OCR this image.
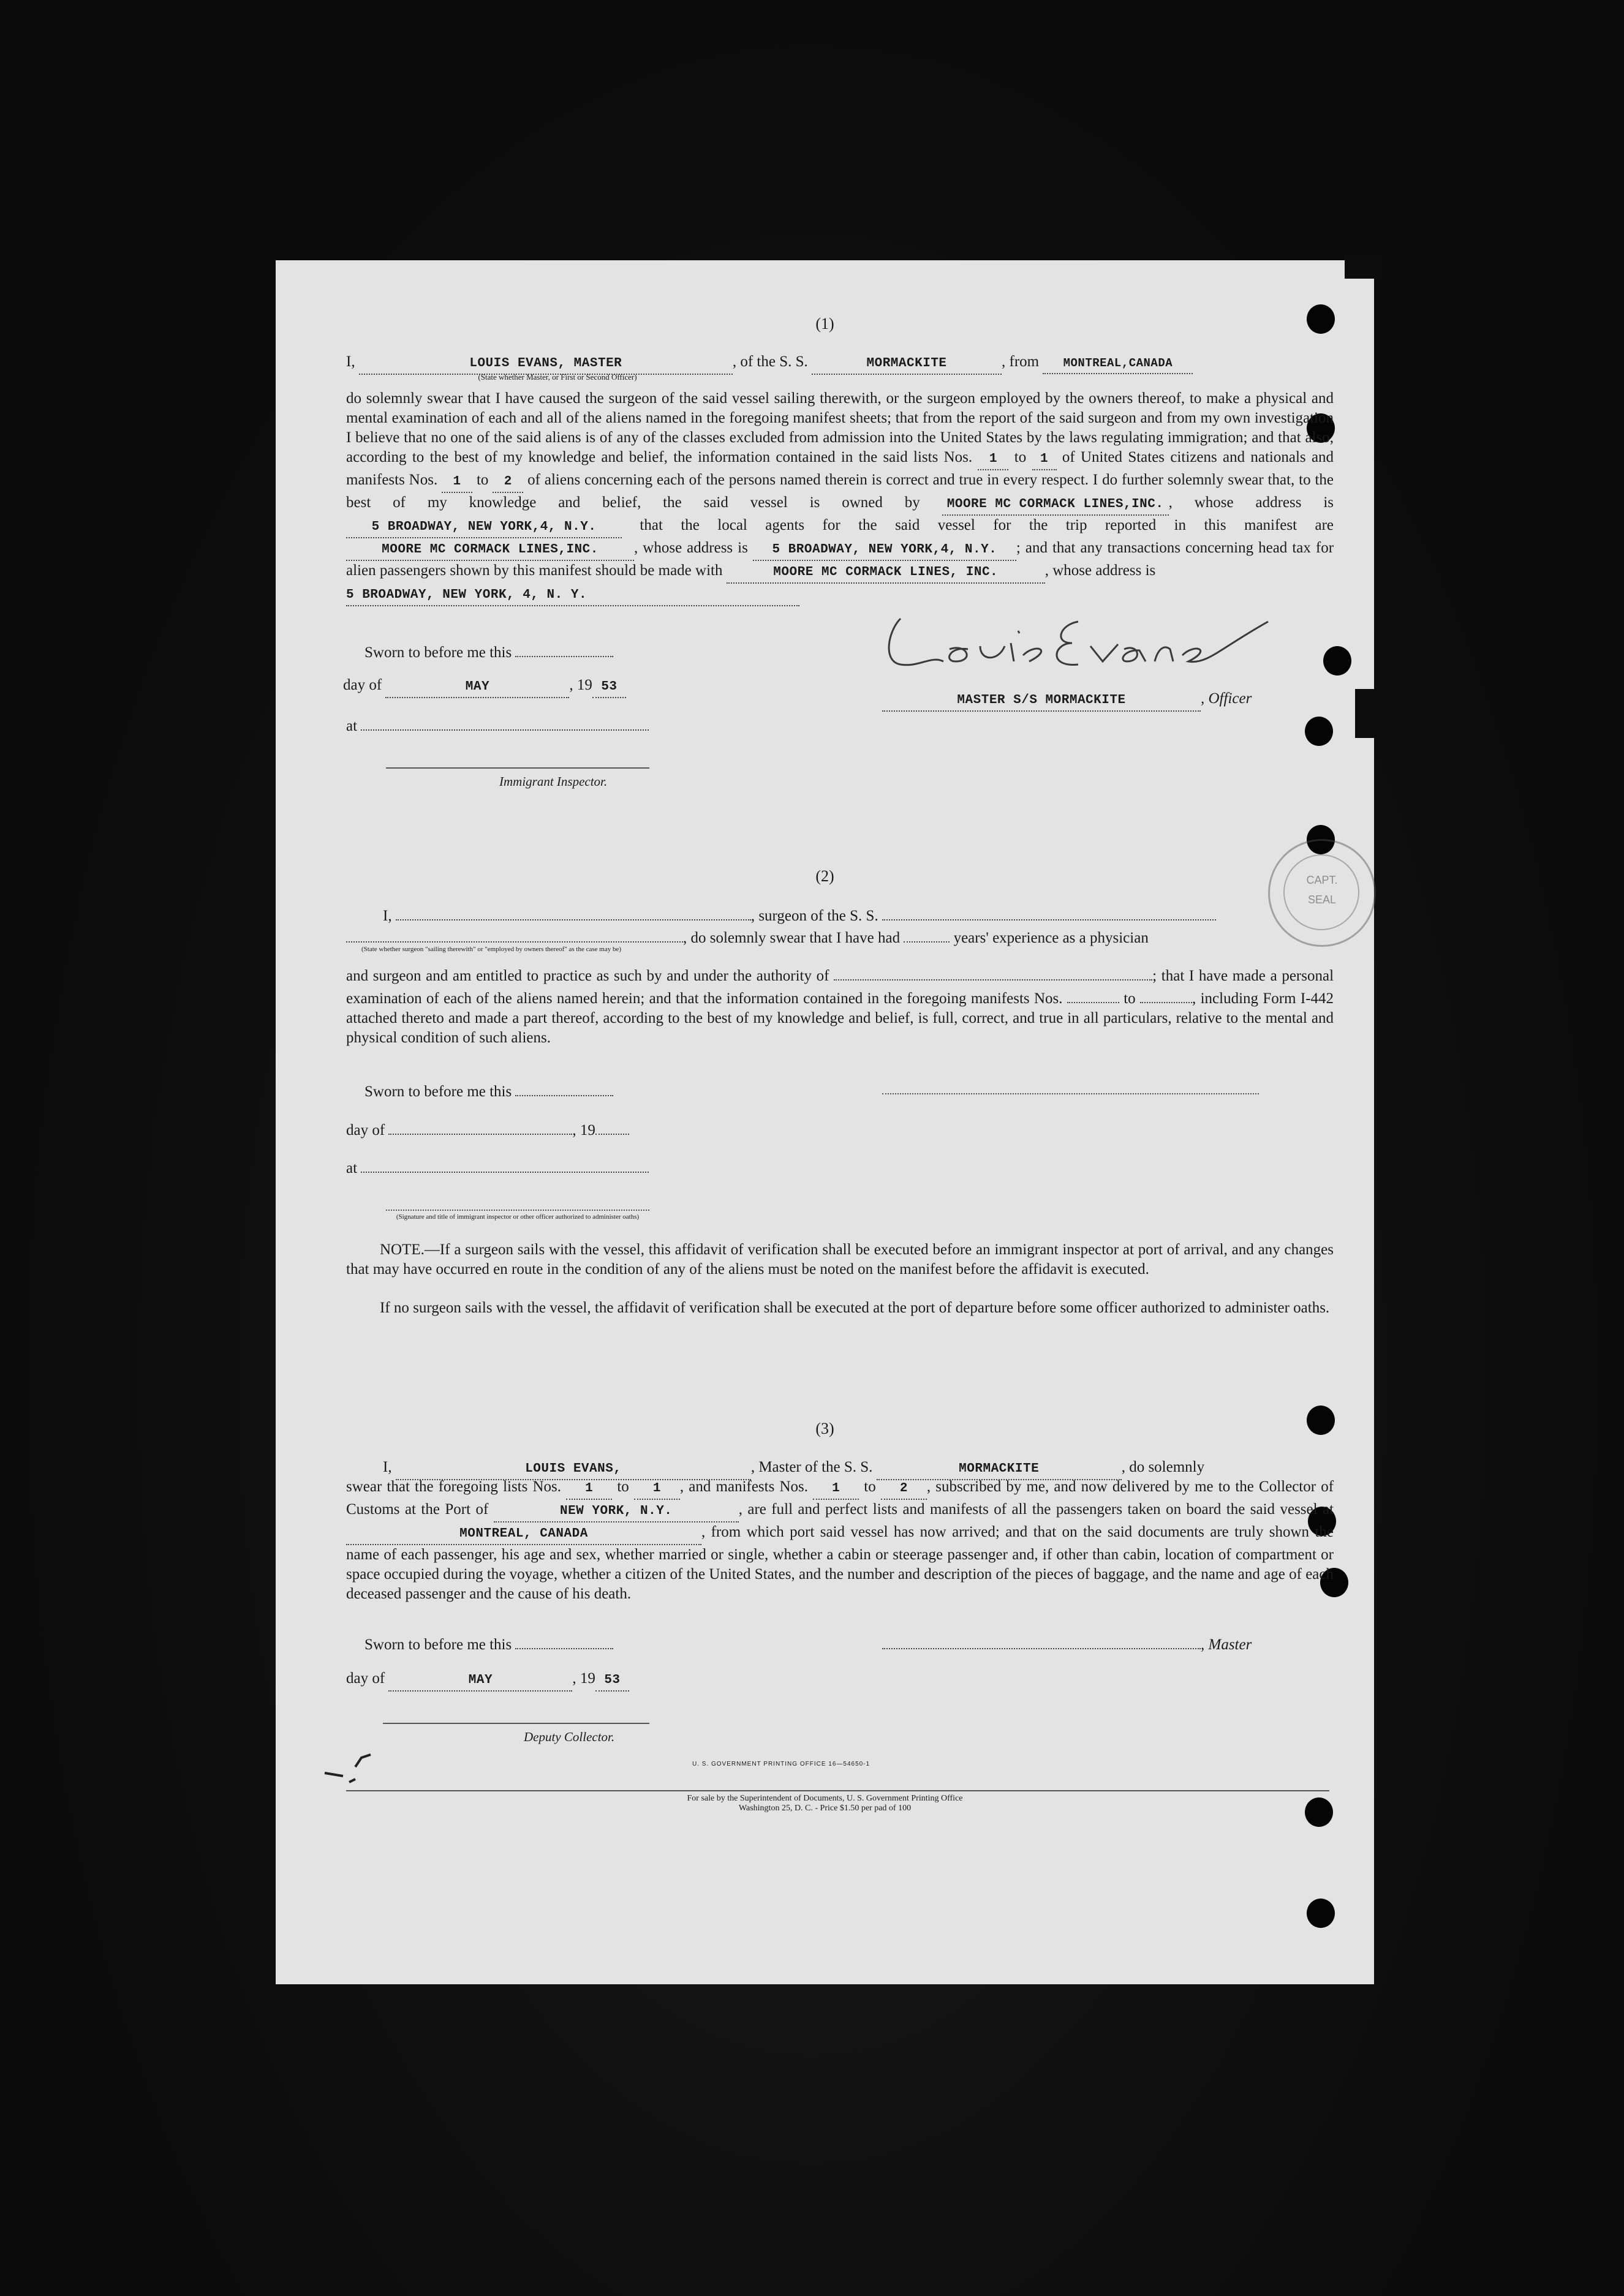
(1)
I,	LOUIS EVANS, MASTER	, of the S. S.	MORMACKITE	, from MONTREAL,CANADA
(State whether Master, or First or Second Officer)
do solemnly swear that I have caused the surgeon of the said vessel sailing therewith, or the surgeon employed by the owners thereof, to make a physical and mental examination of each and all of the aliens named in the foregoing manifest sheets; that from the report of the said surgeon and from my own investigation I believe that no one of the said aliens is of any of the classes excluded from admission into the United States by the laws regulating immigration; and that also, according to the best of my knowledge and belief, the information contained in the said lists Nos. 1 to 1 of United States citizens and nationals and manifests Nos. 1 to 2 of aliens concerning each of the persons named therein is correct and true in every respect. I do further solemnly swear that, to the best of my knowledge and belief, the said vessel is owned by MOORE MC CORMACK LINES,INC. , whose address is 5 BROADWAY, NEW YORK,4, N.Y.	that the local agents for the said vessel for the trip reported in this manifest are MOORE MC CORMACK LINES,INC. , whose address is 5 BROADWAY, NEW YORK,4, N.Y. ; and that any transactions concerning head tax for alien passengers shown by this manifest should be made with	MOORE MC CORMACK LINES, INC.	, whose address is
5 BROADWAY, NEW YORK, 4, N. Y.
Sworn to before me this
day of	MAY	, 19 53
at
Immigrant Inspector.
CAPT.
SEAL
MASTER S/S MORMACKITE	, Officer
(2)
I,	, surgeon of the S. S.
, do solemnly swear that I have had	years' experience as a physician
(State whether surgeon "sailing therewith" or "employed by owners thereof" as the case may be)
and surgeon and am entitled to practice as such by and under the authority of	; that I have made a personal examination of each of the aliens named herein; and that the information contained in the foregoing manifests Nos.	to	, including Form I-442 attached thereto and made a part thereof, according to the best of my knowledge and belief, is full, correct, and true in all particulars, relative to the mental and physical condition of such aliens.
Sworn to before me this
day of	, 19
at
(Signature and title of immigrant inspector or other officer authorized to administer oaths)
NOTE.—If a surgeon sails with the vessel, this affidavit of verification shall be executed before an immigrant inspector at port of arrival, and any changes that may have occurred en route in the condition of any of the aliens must be noted on the manifest before the affidavit is executed.
If no surgeon sails with the vessel, the affidavit of verification shall be executed at the port of departure before some officer authorized to administer oaths.
(3)
I,	LOUIS EVANS,	, Master of the S. S.	MORMACKITE	, do solemnly
swear that the foregoing lists Nos. 1 to 1 , and manifests Nos. 1 to 2 , subscribed by me, and now delivered by me to the Collector of Customs at the Port of	NEW YORK, N.Y.	, are full and perfect lists and manifests of all the passengers taken on board the said vessel at MONTREAL, CANADA	, from which port said vessel has now arrived; and that on the said documents are truly shown the name of each passenger, his age and sex, whether married or single, whether a cabin or steerage passenger and, if other than cabin, location of compartment or space occupied during the voyage, whether a citizen of the United States, and the number and description of the pieces of baggage, and the name and age of each deceased passenger and the cause of his death.
Sworn to before me this	, Master
day of	MAY	, 19 53
Deputy Collector.
U. S. GOVERNMENT PRINTING OFFICE 16—54650-1
For sale by the Superintendent of Documents, U. S. Government Printing Office
Washington 25, D. C. - Price $1.50 per pad of 100
